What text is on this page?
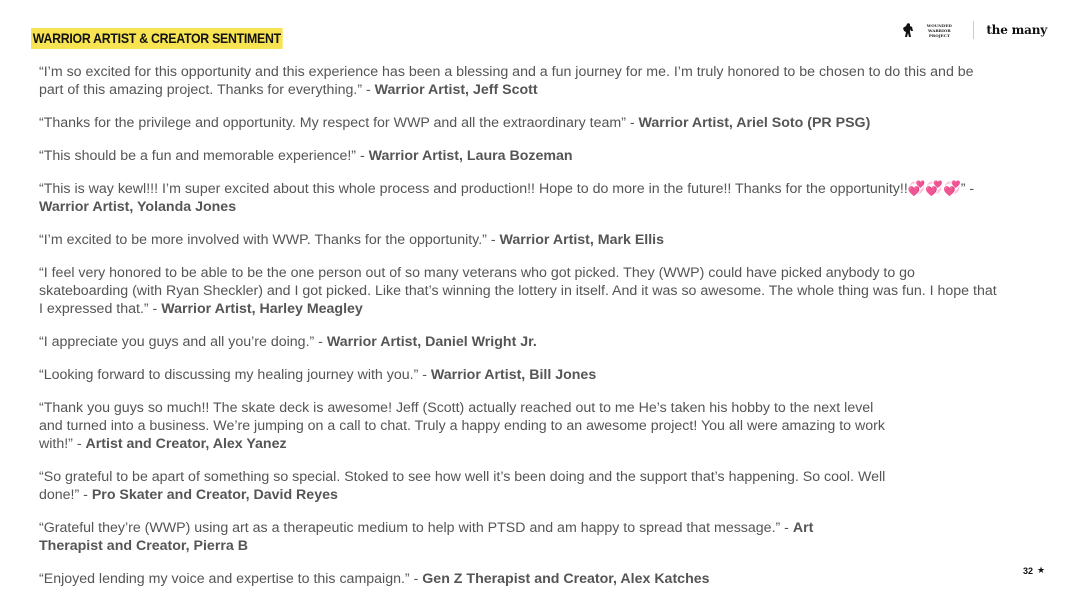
WARRIOR ARTIST & CREATOR SENTIMENT
WOUNDED WARRIOR PROJECT	the many

“I’m so excited for this opportunity and this experience has been a blessing and a fun journey for me. I’m truly honored to be chosen to do this and be part of this amazing project. Thanks for everything.” - Warrior Artist, Jeff Scott

“Thanks for the privilege and opportunity. My respect for WWP and all the extraordinary team” - Warrior Artist, Ariel Soto (PR PSG)

“This should be a fun and memorable experience!” - Warrior Artist, Laura Bozeman

“This is way kewl!!! I’m super excited about this whole process and production!! Hope to do more in the future!! Thanks for the opportunity!!💞💞💞” - Warrior Artist, Yolanda Jones

“I’m excited to be more involved with WWP. Thanks for the opportunity.” - Warrior Artist, Mark Ellis

“I feel very honored to be able to be the one person out of so many veterans who got picked. They (WWP) could have picked anybody to go skateboarding (with Ryan Sheckler) and I got picked. Like that’s winning the lottery in itself. And it was so awesome. The whole thing was fun. I hope that I expressed that.” - Warrior Artist, Harley Meagley

“I appreciate you guys and all you’re doing.” - Warrior Artist, Daniel Wright Jr.

“Looking forward to discussing my healing journey with you.” - Warrior Artist, Bill Jones

“Thank you guys so much!! The skate deck is awesome! Jeff (Scott) actually reached out to me He’s taken his hobby to the next level and turned into a business. We’re jumping on a call to chat. Truly a happy ending to an awesome project! You all were amazing to work with!” - Artist and Creator, Alex Yanez

“So grateful to be apart of something so special. Stoked to see how well it’s been doing and the support that’s happening. So cool. Well done!” - Pro Skater and Creator, David Reyes

“Grateful they’re (WWP) using art as a therapeutic medium to help with PTSD and am happy to spread that message.” - Art Therapist and Creator, Pierra B

“Enjoyed lending my voice and expertise to this campaign.” - Gen Z Therapist and Creator, Alex Katches

32 ★
